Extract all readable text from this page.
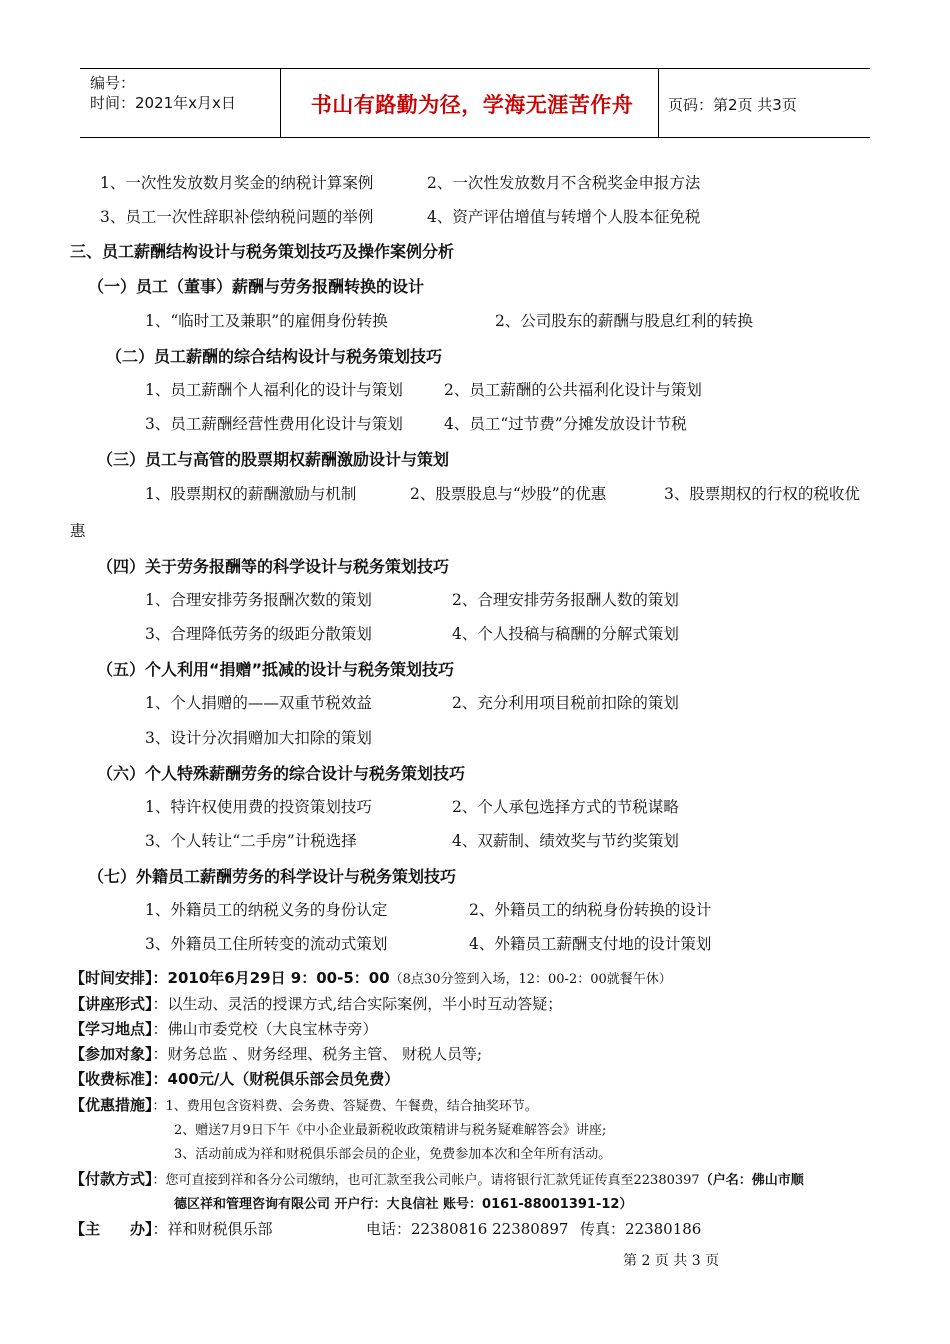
编号：
时间：2021年x月x日	书山有路勤为径，学海无涯苦作舟	页码：第2页 共3页
1、一次性发放数月奖金的纳税计算案例	2、一次性发放数月不含税奖金申报方法
3、员工一次性辞职补偿纳税问题的举例	4、资产评估增值与转增个人股本征免税
三、员工薪酬结构设计与税务策划技巧及操作案例分析
（一）员工（董事）薪酬与劳务报酬转换的设计
1、“临时工及兼职”的雇佣身份转换	2、公司股东的薪酬与股息红利的转换
（二）员工薪酬的综合结构设计与税务策划技巧
1、员工薪酬个人福利化的设计与策划	2、员工薪酬的公共福利化设计与策划
3、员工薪酬经营性费用化设计与策划	4、员工“过节费”分摊发放设计节税
（三）员工与高管的股票期权薪酬激励设计与策划
1、股票期权的薪酬激励与机制	2、股票股息与“炒股”的优惠	3、股票期权的行权的税收优
惠
（四）关于劳务报酬等的科学设计与税务策划技巧
1、合理安排劳务报酬次数的策划	2、合理安排劳务报酬人数的策划
3、合理降低劳务的级距分散策划	4、个人投稿与稿酬的分解式策划
（五）个人利用“捐赠”抵减的设计与税务策划技巧
1、个人捐赠的——双重节税效益	2、充分利用项目税前扣除的策划
3、设计分次捐赠加大扣除的策划
（六）个人特殊薪酬劳务的综合设计与税务策划技巧
1、特许权使用费的投资策划技巧	2、个人承包选择方式的节税谋略
3、个人转让“二手房”计税选择	4、双薪制、绩效奖与节约奖策划
（七）外籍员工薪酬劳务的科学设计与税务策划技巧
1、外籍员工的纳税义务的身份认定	2、外籍员工的纳税身份转换的设计
3、外籍员工住所转变的流动式策划	4、外籍员工薪酬支付地的设计策划
【时间安排】：2010年6月29日 9：00-5：00（8点30分签到入场，12：00-2：00就餐午休）
【讲座形式】：以生动、灵活的授课方式,结合实际案例，半小时互动答疑；
【学习地点】：佛山市委党校（大良宝林寺旁）
【参加对象】：财务总监 、财务经理、税务主管、 财税人员等;
【收费标准】：400元/人（财税俱乐部会员免费）
【优惠措施】：1、费用包含资料费、会务费、答疑费、午餐费，结合抽奖环节。
2、赠送7月9日下午《中小企业最新税收政策精讲与税务疑难解答会》讲座;
3、活动前成为祥和财税俱乐部会员的企业，免费参加本次和全年所有活动。
【付款方式】：您可直接到祥和各分公司缴纳，也可汇款至我公司帐户。请将银行汇款凭证传真至22380397（户名：佛山市顺
德区祥和管理咨询有限公司 开户行：大良信社 账号：0161-88001391-12）
【主　　办】：祥和财税俱乐部	电话：22380816 22380897 传真：22380186
第 2 页 共 3 页
